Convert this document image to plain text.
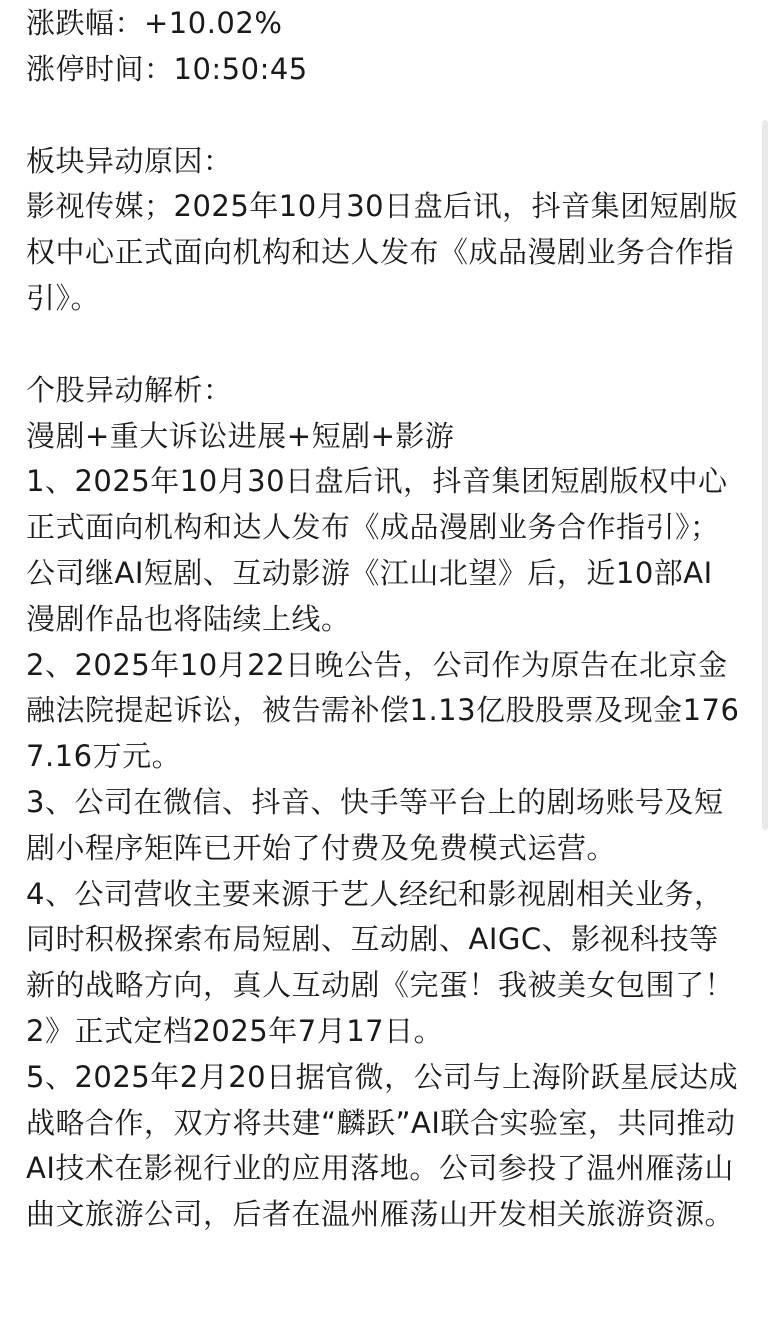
涨跌幅：+10.02%
涨停时间：10:50:45
板块异动原因：
影视传媒；2025年10月30日盘后讯，抖音集团短剧版权中心正式面向机构和达人发布《成品漫剧业务合作指引》。
个股异动解析：
漫剧+重大诉讼进展+短剧+影游
1、2025年10月30日盘后讯，抖音集团短剧版权中心正式面向机构和达人发布《成品漫剧业务合作指引》；公司继AI短剧、互动影游《江山北望》后，近10部AI漫剧作品也将陆续上线。
2、2025年10月22日晚公告，公司作为原告在北京金融法院提起诉讼，被告需补偿1.13亿股股票及现金1767.16万元。
3、公司在微信、抖音、快手等平台上的剧场账号及短剧小程序矩阵已开始了付费及免费模式运营。
4、公司营收主要来源于艺人经纪和影视剧相关业务，同时积极探索布局短剧、互动剧、AIGC、影视科技等新的战略方向，真人互动剧《完蛋！我被美女包围了！2》正式定档2025年7月17日。
5、2025年2月20日据官微，公司与上海阶跃星辰达成战略合作，双方将共建“麟跃”AI联合实验室，共同推动AI技术在影视行业的应用落地。公司参投了温州雁荡山曲文旅游公司，后者在温州雁荡山开发相关旅游资源。
